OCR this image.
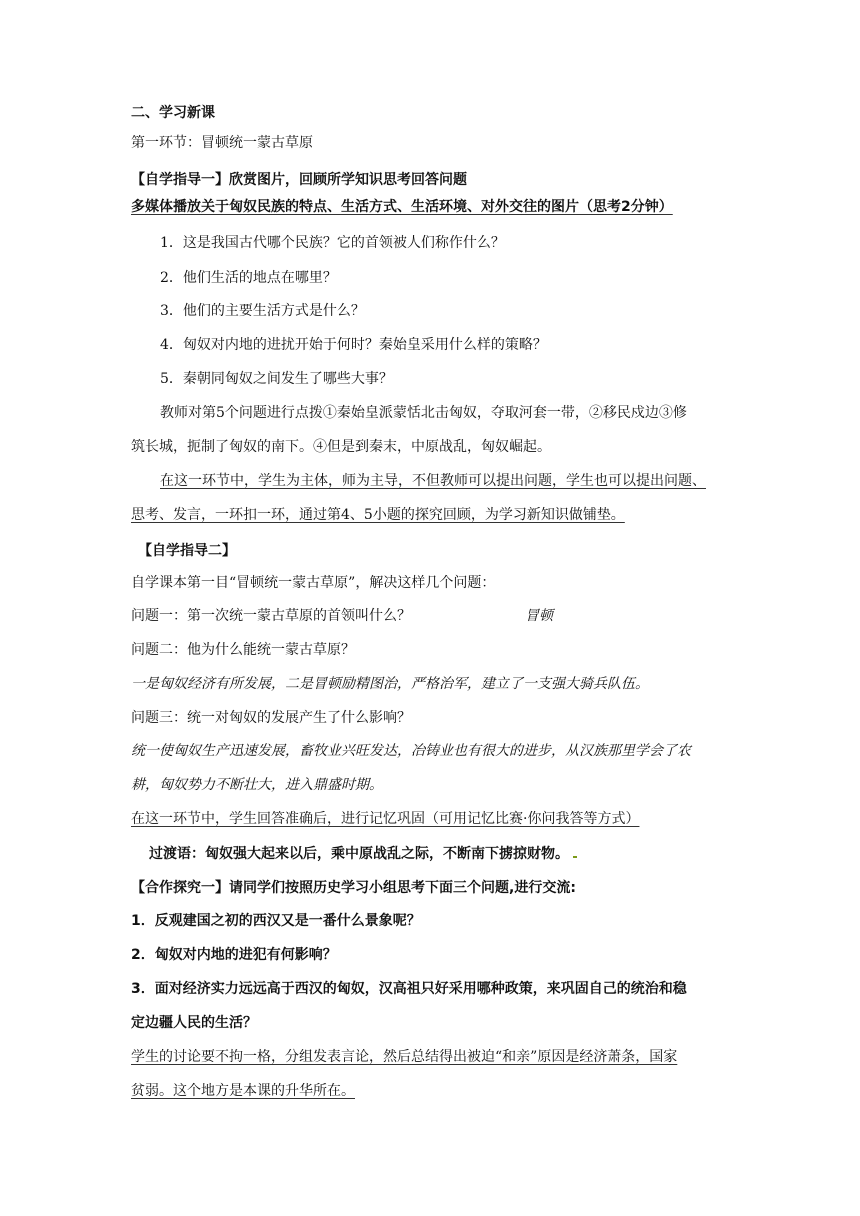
二、学习新课
第一环节：冒顿统一蒙古草原
【自学指导一】欣赏图片，回顾所学知识思考回答问题
多媒体播放关于匈奴民族的特点、生活方式、生活环境、对外交往的图片（思考2分钟）
1．这是我国古代哪个民族？它的首领被人们称作什么？
2．他们生活的地点在哪里？
3．他们的主要生活方式是什么？
4．匈奴对内地的进扰开始于何时？秦始皇采用什么样的策略？
5．秦朝同匈奴之间发生了哪些大事？
教师对第5个问题进行点拨①秦始皇派蒙恬北击匈奴，夺取河套一带，②移民戍边③修
筑长城，扼制了匈奴的南下。④但是到秦末，中原战乱，匈奴崛起。
在这一环节中，学生为主体，师为主导，不但教师可以提出问题，学生也可以提出问题、
思考、发言，一环扣一环，通过第4、5小题的探究回顾，为学习新知识做铺垫。
【自学指导二】
自学课本第一目“冒顿统一蒙古草原”，解决这样几个问题：
问题一：第一次统一蒙古草原的首领叫什么？	冒顿
问题二：他为什么能统一蒙古草原？
一是匈奴经济有所发展，二是冒顿励精图治，严格治军，建立了一支强大骑兵队伍。
问题三：统一对匈奴的发展产生了什么影响？
统一使匈奴生产迅速发展，畜牧业兴旺发达，冶铸业也有很大的进步，从汉族那里学会了农
耕，匈奴势力不断壮大，进入鼎盛时期。
在这一环节中，学生回答准确后，进行记忆巩固（可用记忆比赛·你问我答等方式）
过渡语：匈奴强大起来以后，乘中原战乱之际，不断南下掳掠财物。
【合作探究一】请同学们按照历史学习小组思考下面三个问题,进行交流:
1．反观建国之初的西汉又是一番什么景象呢？
2．匈奴对内地的进犯有何影响？
3．面对经济实力远远高于西汉的匈奴，汉高祖只好采用哪种政策，来巩固自己的统治和稳
定边疆人民的生活？
学生的讨论要不拘一格，分组发表言论，然后总结得出被迫“和亲”原因是经济萧条，国家
贫弱。这个地方是本课的升华所在。
